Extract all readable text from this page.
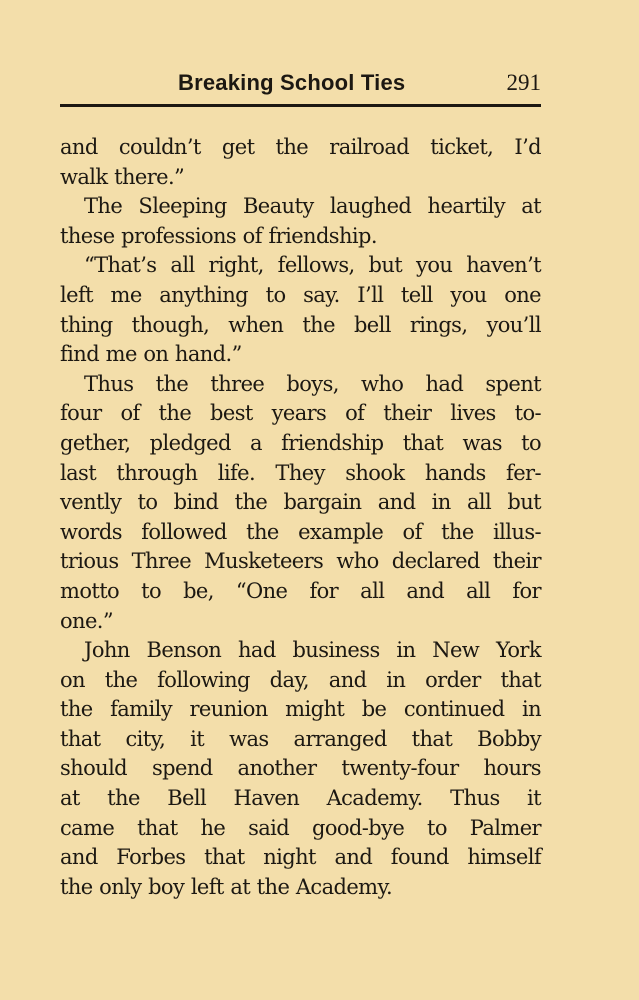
Breaking School Ties	291
and couldn’t get the railroad ticket, I’d
walk there.”
The Sleeping Beauty laughed heartily at
these professions of friendship.
“That’s all right, fellows, but you haven’t
left me anything to say. I’ll tell you one
thing though, when the bell rings, you’ll
find me on hand.”
Thus the three boys, who had spent
four of the best years of their lives to-
gether, pledged a friendship that was to
last through life. They shook hands fer-
vently to bind the bargain and in all but
words followed the example of the illus-
trious Three Musketeers who declared their
motto to be, “One for all and all for
one.”
John Benson had business in New York
on the following day, and in order that
the family reunion might be continued in
that city, it was arranged that Bobby
should spend another twenty-four hours
at the Bell Haven Academy. Thus it
came that he said good-bye to Palmer
and Forbes that night and found himself
the only boy left at the Academy.
